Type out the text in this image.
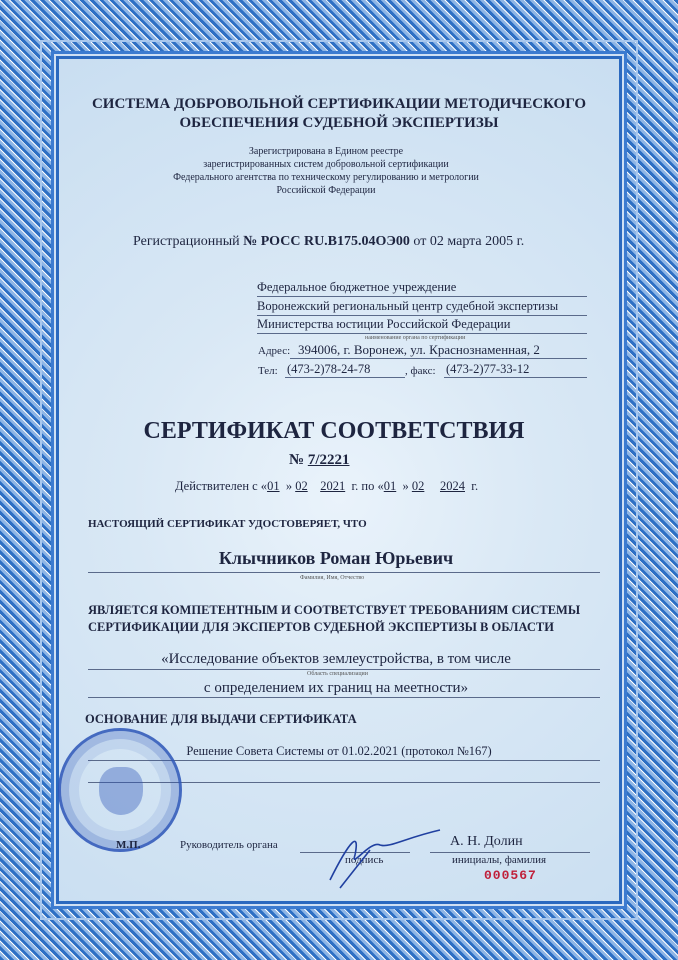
СИСТЕМА ДОБРОВОЛЬНОЙ СЕРТИФИКАЦИИ МЕТОДИЧЕСКОГО
ОБЕСПЕЧЕНИЯ СУДЕБНОЙ ЭКСПЕРТИЗЫ
Зарегистрирована в Едином реестре
зарегистрированных систем добровольной сертификации
Федерального агентства по техническому регулированию и метрологии
Российской Федерации
Регистрационный № РОСС RU.B175.04ОЭ00 от 02 марта 2005 г.
Федеральное бюджетное учреждение
Воронежский региональный центр судебной экспертизы
Министерства юстиции Российской Федерации
наименование органа по сертификации
Адрес: 394006, г. Воронеж, ул. Краснознаменная, 2
Тел: (473-2)78-24-78	, факс: (473-2)77-33-12
СЕРТИФИКАТ СООТВЕТСТВИЯ
№ 7/2221
Действителен с «01 » 02 2021 г. по «01 » 02 2024 г.
НАСТОЯЩИЙ СЕРТИФИКАТ УДОСТОВЕРЯЕТ, ЧТО
Клычников Роман Юрьевич
Фамилия, Имя, Отчество
ЯВЛЯЕТСЯ КОМПЕТЕНТНЫМ И СООТВЕТСТВУЕТ ТРЕБОВАНИЯМ СИСТЕМЫ
СЕРТИФИКАЦИИ ДЛЯ ЭКСПЕРТОВ СУДЕБНОЙ ЭКСПЕРТИЗЫ В ОБЛАСТИ
«Исследование объектов землеустройства, в том числе
Область специализации
с определением их границ на меетности»
ОСНОВАНИЕ ДЛЯ ВЫДАЧИ СЕРТИФИКАТА
Решение Совета Системы от 01.02.2021 (протокол №167)
М.П.	Руководитель органа
подпись
А. Н. Долин
инициалы, фамилия
000567
